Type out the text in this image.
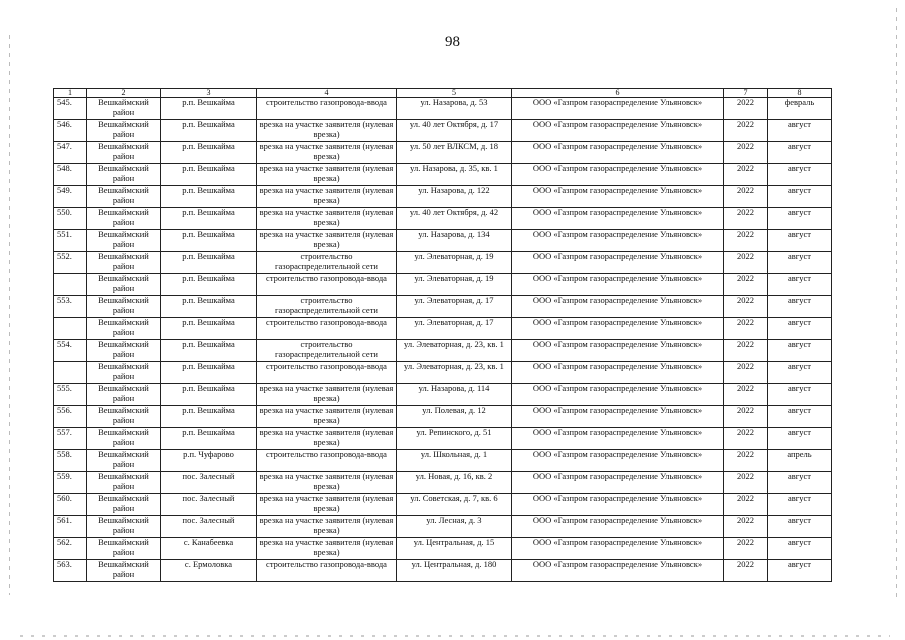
98
1	2	3	4	5	6	7	8
545.	Вешкаймский район	р.п. Вешкайма	строительство газопровода-ввода	ул. Назарова, д. 53	ООО «Газпром газораспределение Ульяновск»	2022	февраль
546.	Вешкаймский район	р.п. Вешкайма	врезка на участке заявителя (нулевая врезка)	ул. 40 лет Октября, д. 17	ООО «Газпром газораспределение Ульяновск»	2022	август
547.	Вешкаймский район	р.п. Вешкайма	врезка на участке заявителя (нулевая врезка)	ул. 50 лет ВЛКСМ, д. 18	ООО «Газпром газораспределение Ульяновск»	2022	август
548.	Вешкаймский район	р.п. Вешкайма	врезка на участке заявителя (нулевая врезка)	ул. Назарова, д. 35, кв. 1	ООО «Газпром газораспределение Ульяновск»	2022	август
549.	Вешкаймский район	р.п. Вешкайма	врезка на участке заявителя (нулевая врезка)	ул. Назарова, д. 122	ООО «Газпром газораспределение Ульяновск»	2022	август
550.	Вешкаймский район	р.п. Вешкайма	врезка на участке заявителя (нулевая врезка)	ул. 40 лет Октября, д. 42	ООО «Газпром газораспределение Ульяновск»	2022	август
551.	Вешкаймский район	р.п. Вешкайма	врезка на участке заявителя (нулевая врезка)	ул. Назарова, д. 134	ООО «Газпром газораспределение Ульяновск»	2022	август
552.	Вешкаймский район	р.п. Вешкайма	строительство газораспределительной сети	ул. Элеваторная, д. 19	ООО «Газпром газораспределение Ульяновск»	2022	август
	Вешкаймский район	р.п. Вешкайма	строительство газопровода-ввода	ул. Элеваторная, д. 19	ООО «Газпром газораспределение Ульяновск»	2022	август
553.	Вешкаймский район	р.п. Вешкайма	строительство газораспределительной сети	ул. Элеваторная, д. 17	ООО «Газпром газораспределение Ульяновск»	2022	август
	Вешкаймский район	р.п. Вешкайма	строительство газопровода-ввода	ул. Элеваторная, д. 17	ООО «Газпром газораспределение Ульяновск»	2022	август
554.	Вешкаймский район	р.п. Вешкайма	строительство газораспределительной сети	ул. Элеваторная, д. 23, кв. 1	ООО «Газпром газораспределение Ульяновск»	2022	август
	Вешкаймский район	р.п. Вешкайма	строительство газопровода-ввода	ул. Элеваторная, д. 23, кв. 1	ООО «Газпром газораспределение Ульяновск»	2022	август
555.	Вешкаймский район	р.п. Вешкайма	врезка на участке заявителя (нулевая врезка)	ул. Назарова, д. 114	ООО «Газпром газораспределение Ульяновск»	2022	август
556.	Вешкаймский район	р.п. Вешкайма	врезка на участке заявителя (нулевая врезка)	ул. Полевая, д. 12	ООО «Газпром газораспределение Ульяновск»	2022	август
557.	Вешкаймский район	р.п. Вешкайма	врезка на участке заявителя (нулевая врезка)	ул. Репинского, д. 51	ООО «Газпром газораспределение Ульяновск»	2022	август
558.	Вешкаймский район	р.п. Чуфарово	строительство газопровода-ввода	ул. Школьная, д. 1	ООО «Газпром газораспределение Ульяновск»	2022	апрель
559.	Вешкаймский район	пос. Залесный	врезка на участке заявителя (нулевая врезка)	ул. Новая, д. 16, кв. 2	ООО «Газпром газораспределение Ульяновск»	2022	август
560.	Вешкаймский район	пос. Залесный	врезка на участке заявителя (нулевая врезка)	ул. Советская, д. 7, кв. 6	ООО «Газпром газораспределение Ульяновск»	2022	август
561.	Вешкаймский район	пос. Залесный	врезка на участке заявителя (нулевая врезка)	ул. Лесная, д. 3	ООО «Газпром газораспределение Ульяновск»	2022	август
562.	Вешкаймский район	с. Канабеевка	врезка на участке заявителя (нулевая врезка)	ул. Центральная, д. 15	ООО «Газпром газораспределение Ульяновск»	2022	август
563.	Вешкаймский район	с. Ермоловка	строительство газопровода-ввода	ул. Центральная, д. 180	ООО «Газпром газораспределение Ульяновск»	2022	август
